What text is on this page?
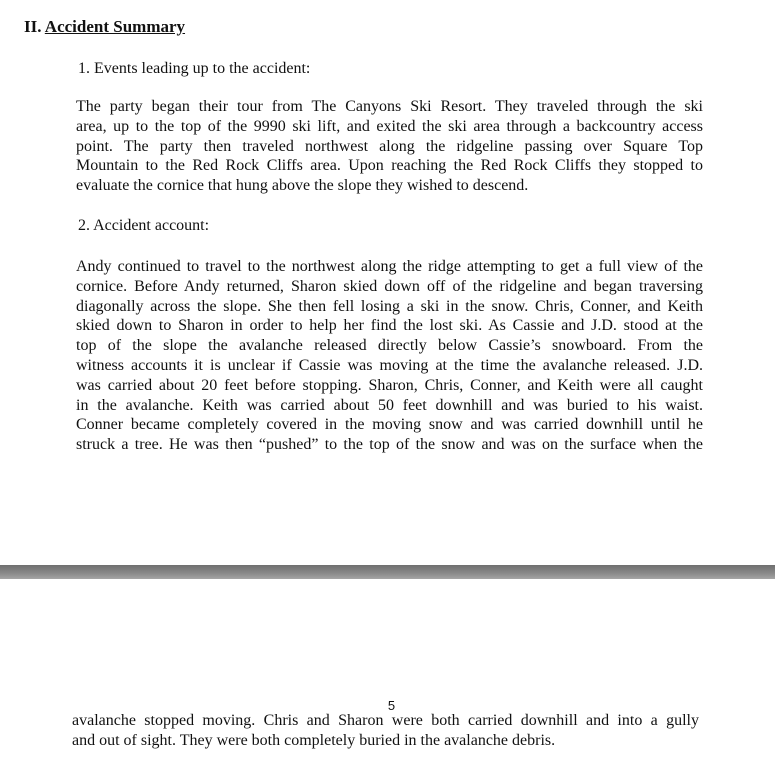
II. Accident Summary

1. Events leading up to the accident:

The party began their tour from The Canyons Ski Resort. They traveled through the ski
area, up to the top of the 9990 ski lift, and exited the ski area through a backcountry access
point. The party then traveled northwest along the ridgeline passing over Square Top
Mountain to the Red Rock Cliffs area. Upon reaching the Red Rock Cliffs they stopped to
evaluate the cornice that hung above the slope they wished to descend.

2. Accident account:

Andy continued to travel to the northwest along the ridge attempting to get a full view of the
cornice. Before Andy returned, Sharon skied down off of the ridgeline and began traversing
diagonally across the slope. She then fell losing a ski in the snow. Chris, Conner, and Keith
skied down to Sharon in order to help her find the lost ski. As Cassie and J.D. stood at the
top of the slope the avalanche released directly below Cassie’s snowboard. From the
witness accounts it is unclear if Cassie was moving at the time the avalanche released. J.D.
was carried about 20 feet before stopping. Sharon, Chris, Conner, and Keith were all caught
in the avalanche. Keith was carried about 50 feet downhill and was buried to his waist.
Conner became completely covered in the moving snow and was carried downhill until he
struck a tree. He was then “pushed” to the top of the snow and was on the surface when the

5

avalanche stopped moving. Chris and Sharon were both carried downhill and into a gully
and out of sight. They were both completely buried in the avalanche debris.
